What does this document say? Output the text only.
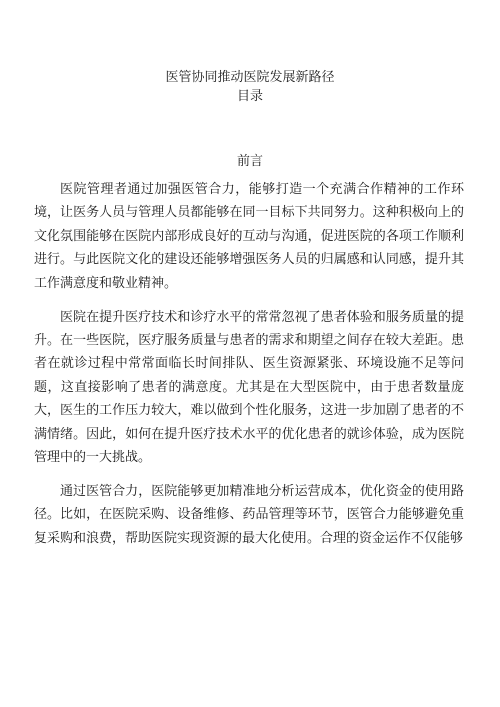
医管协同推动医院发展新路径
目录
前言

医院管理者通过加强医管合力，能够打造一个充满合作精神的工作环境，让医务人员与管理人员都能够在同一目标下共同努力。这种积极向上的文化氛围能够在医院内部形成良好的互动与沟通，促进医院的各项工作顺利进行。与此医院文化的建设还能够增强医务人员的归属感和认同感，提升其工作满意度和敬业精神。

医院在提升医疗技术和诊疗水平的常常忽视了患者体验和服务质量的提升。在一些医院，医疗服务质量与患者的需求和期望之间存在较大差距。患者在就诊过程中常常面临长时间排队、医生资源紧张、环境设施不足等问题，这直接影响了患者的满意度。尤其是在大型医院中，由于患者数量庞大，医生的工作压力较大，难以做到个性化服务，这进一步加剧了患者的不满情绪。因此，如何在提升医疗技术水平的优化患者的就诊体验，成为医院管理中的一大挑战。

通过医管合力，医院能够更加精准地分析运营成本，优化资金的使用路径。比如，在医院采购、设备维修、药品管理等环节，医管合力能够避免重复采购和浪费，帮助医院实现资源的最大化使用。合理的资金运作不仅能够
